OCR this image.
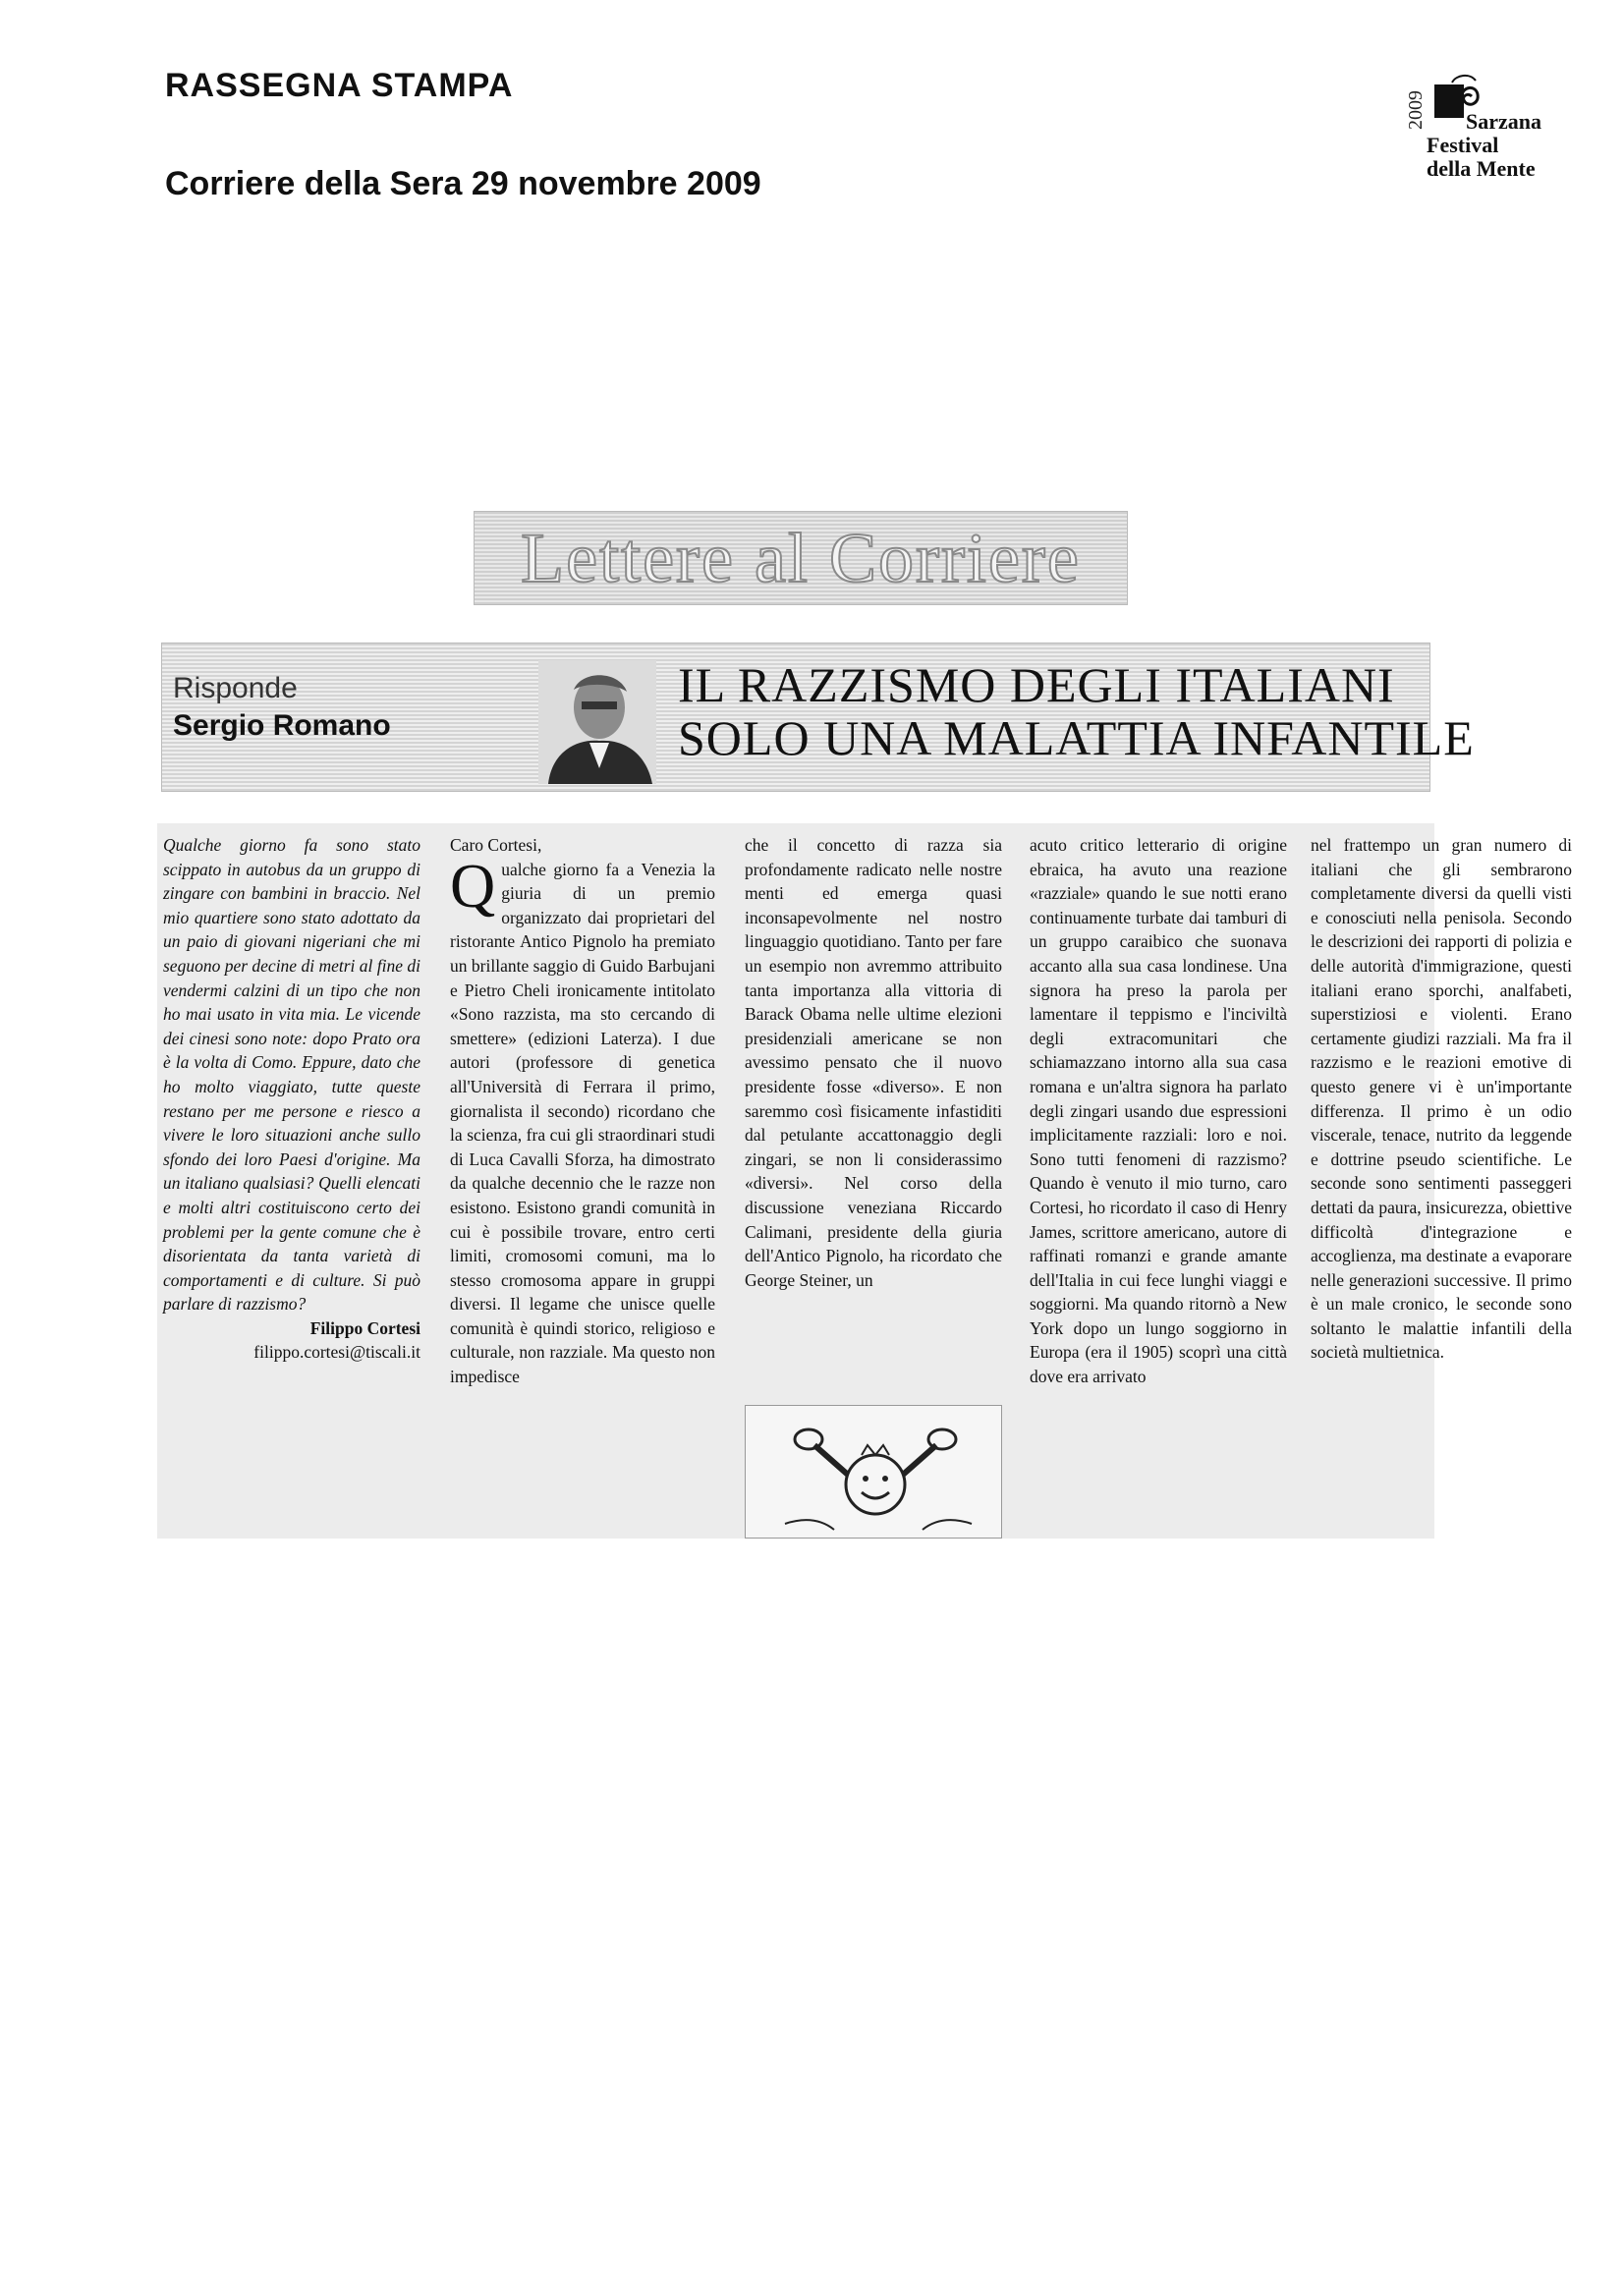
RASSEGNA STAMPA
Corriere della Sera 29 novembre 2009
2009	Sarzana
Festival
della Mente
Lettere al Corriere
Risponde
Sergio Romano
IL RAZZISMO DEGLI ITALIANI
SOLO UNA MALATTIA INFANTILE

Qualche giorno fa sono stato scippato in autobus da un gruppo di zingare con bambini in braccio. Nel mio quartiere sono stato adottato da un paio di giovani nigeriani che mi seguono per decine di metri al fine di vendermi calzini di un tipo che non ho mai usato in vita mia. Le vicende dei cinesi sono note: dopo Prato ora è la volta di Como. Eppure, dato che ho molto viaggiato, tutte queste restano per me persone e riesco a vivere le loro situazioni anche sullo sfondo dei loro Paesi d'origine. Ma un italiano qualsiasi? Quelli elencati e molti altri costituiscono certo dei problemi per la gente comune che è disorientata da tanta varietà di comportamenti e di culture. Si può parlare di razzismo?

Filippo Cortesi
filippo.cortesi@tiscali.it
Caro Cortesi,

Qualche giorno fa a Venezia la giuria di un premio organizzato dai proprietari del ristorante Antico Pignolo ha premiato un brillante saggio di Guido Barbujani e Pietro Cheli ironicamente intitolato «Sono razzista, ma sto cercando di smettere» (edizioni Laterza). I due autori (professore di genetica all'Università di Ferrara il primo, giornalista il secondo) ricordano che la scienza, fra cui gli straordinari studi di Luca Cavalli Sforza, ha dimostrato da qualche decennio che le razze non esistono. Esistono grandi comunità in cui è possibile trovare, entro certi limiti, cromosomi comuni, ma lo stesso cromosoma appare in gruppi diversi. Il legame che unisce quelle comunità è quindi storico, religioso e culturale, non razziale. Ma questo non impedisce

che il concetto di razza sia profondamente radicato nelle nostre menti ed emerga quasi inconsapevolmente nel nostro linguaggio quotidiano. Tanto per fare un esempio non avremmo attribuito tanta importanza alla vittoria di Barack Obama nelle ultime elezioni presidenziali americane se non avessimo pensato che il nuovo presidente fosse «diverso». E non saremmo così fisicamente infastiditi dal petulante accattonaggio degli zingari, se non li considerassimo «diversi». Nel corso della discussione veneziana Riccardo Calimani, presidente della giuria dell'Antico Pignolo, ha ricordato che George Steiner, un

acuto critico letterario di origine ebraica, ha avuto una reazione «razziale» quando le sue notti erano continuamente turbate dai tamburi di un gruppo caraibico che suonava accanto alla sua casa londinese. Una signora ha preso la parola per lamentare il teppismo e l'inciviltà degli extracomunitari che schiamazzano intorno alla sua casa romana e un'altra signora ha parlato degli zingari usando due espressioni implicitamente razziali: loro e noi. Sono tutti fenomeni di razzismo? Quando è venuto il mio turno, caro Cortesi, ho ricordato il caso di Henry James, scrittore americano, autore di raffinati romanzi e grande amante dell'Italia in cui fece lunghi viaggi e soggiorni. Ma quando ritornò a New York dopo un lungo soggiorno in Europa (era il 1905) scoprì una città dove era arrivato

nel frattempo un gran numero di italiani che gli sembrarono completamente diversi da quelli visti e conosciuti nella penisola. Secondo le descrizioni dei rapporti di polizia e delle autorità d'immigrazione, questi italiani erano sporchi, analfabeti, superstiziosi e violenti. Erano certamente giudizi razziali. Ma fra il razzismo e le reazioni emotive di questo genere vi è un'importante differenza. Il primo è un odio viscerale, tenace, nutrito da leggende e dottrine pseudo scientifiche. Le seconde sono sentimenti passeggeri dettati da paura, insicurezza, obiettive difficoltà d'integrazione e accoglienza, ma destinate a evaporare nelle generazioni successive. Il primo è un male cronico, le seconde sono soltanto le malattie infantili della società multietnica.
